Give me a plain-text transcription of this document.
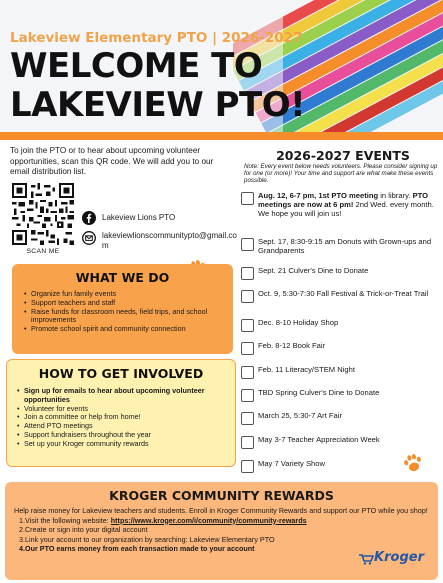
Lakeview Elementary PTO | 2026-2027
WELCOME TO
LAKEVIEW PTO!
To join the PTO or to hear about upcoming volunteer opportunities, scan this QR code. We will add you to our email distribution list.
SCAN ME
Lakeview Lions PTO
lakeviewlionscommunitypto@gmail.com
WHAT WE DO
• Organize fun family events
• Support teachers and staff
• Raise funds for classroom needs, field trips, and school improvements
• Promote school spirit and community connection
HOW TO GET INVOLVED
• Sign up for emails to hear about upcoming volunteer opportunities
• Volunteer for events
• Join a committee or help from home!
• Attend PTO meetings
• Support fundraisers throughout the year
• Set up your Kroger community rewards
2026-2027 EVENTS
Note: Every event below needs volunteers. Please consider signing up for one (or more)! Your time and support are what make these events possible.
Aug. 12, 6-7 pm, 1st PTO meeting in library. PTO meetings are now at 6 pm! 2nd Wed. every month. We hope you will join us!
Sept. 17, 8:30-9:15 am Donuts with Grown-ups and Grandparents
Sept. 21 Culver's Dine to Donate
Oct. 9, 5:30-7:30 Fall Festival & Trick-or-Treat Trail
Dec. 8-10 Holiday Shop
Feb. 8-12 Book Fair
Feb. 11 Literacy/STEM Night
TBD Spring Culver's Dine to Donate
March 25, 5:30-7 Art Fair
May 3-7 Teacher Appreciation Week
May 7 Variety Show
KROGER COMMUNITY REWARDS
Help raise money for Lakeview teachers and students. Enroll in Kroger Community Rewards and support our PTO while you shop!
1.Visit the following website: https://www.kroger.com/i/community/community-rewards
2.Create or sign into your digital account
3.Link your account to our organization by searching: Lakeview Elementary PTO
4.Our PTO earns money from each transaction made to your account
Kroger
